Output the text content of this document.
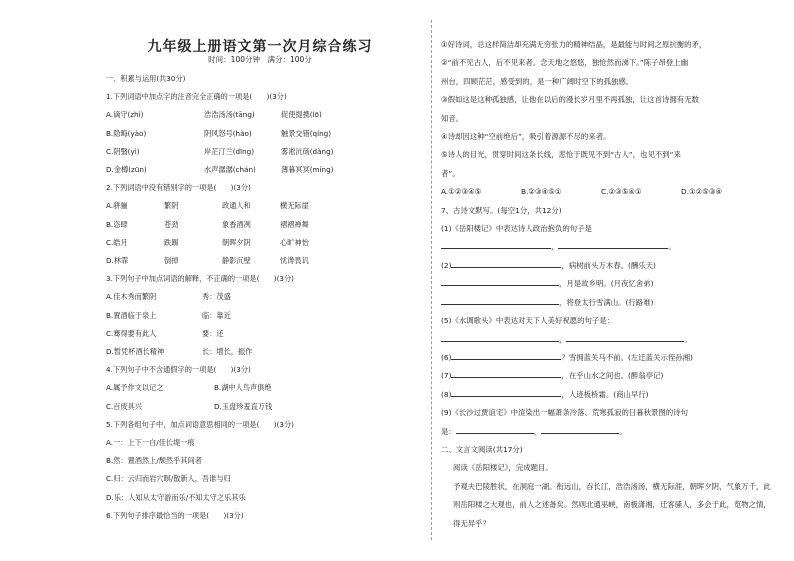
九年级上册语文第一次月综合练习
时间：100分钟　满分：100分
一、积累与运用(共30分)
1.下列词语中加点字的注音完全正确的一项是(　　)(3分)
A.谪守(zhì)	浩浩汤汤(tāng)	促使提携(lō)
B.隐晦(yào)	阴风怒号(hào)	触景交错(qíng)
C.阴翳(yì)	岸芷汀兰(dīng)	雾凇沆砀(dàng)
D.金樽(zūn)	水声潺潺(chán)	薄暮冥冥(míng)
2.下列词语中没有错别字的一项是(　　)(3分)
A.骈骊	繁阴	政通人和	横无际崖
B.恣肆	苍劲	象香酒冽	褶褶禅舞
C.皓月	跌踢	朝晖夕阴	心旷神怡
D.林霏	倒掉	静影沉壁	忧谗畏讥
3.下列句子中加点词语的解释，不正确的一项是(　　)(3分)
A.佳木秀而繁阴	秀：茂盛
B.置酒临于泉上	临：靠近
C.骞得要有此人	要：还
D.暂凭杯酒长精神	长：增长，振作
4.下列句子中不含通假字的一项是(　　)(3分)
A.属予作文以记之	B.湖中人鸟声俱绝
C.百废具兴	D.玉盘珍羞直万钱
5.下列各组句子中，加点词语意思相同的一项是(　　)(3分)
A.一：上下一白/佳长堤一痕
B.然：置酒然上/颓然乎其间者
C.归：云归而岩穴暝/散新人，吾谁与归
D.乐：人知从太守游而乐/不知太守之乐其乐
6.下列句子排序最恰当的一项是(　　)(3分)
①好诗词，总这样简洁却充满无穷张力的精神结晶，是最能与时间之原抗衡的矛，
②“前不见古人，后不见来者。念天地之悠悠，独怆然而涕下。”陈子昂登上幽
州台，四顾茫茫，感受到的，是一种广阔时空下的孤独感。
③假如这是这种孤独感，让他在以后的漫长岁月里不再孤独，让这首诗拥有无数
知音。
④诗却因这种“空前绝后”，吸引着源源不尽的来者。
⑤诗人的目光，贯穿时间这条长线，悲怆于既见不到“古人”，也见不到“来
者”。
A.①②③④⑤	B.②③④⑤①	C.②③⑤④①	D.①②⑤③④
7、古诗文默写。(每空1分，共12分)
(1)《岳阳楼记》中表达诗人政治抱负的句子是
，	。
(2)	，病树前头万木春。(酬乐天)
，月是故乡明。(月夜忆舍弟)
，将登太行雪满山。(行路难)
(5)《水调歌头》中表达对天下人美好祝愿的句子是：
，	。
(6)	？雪拥蓝关马不前。(左迁蓝关示侄孙湘)
(7)	，在乎山水之间也。(醉翁亭记)
(8)	，人迹板桥霜。(商山早行)
(9)《长沙过贾谊宅》中渲染出一幅萧条冷落、荒寒孤寂的日暮秋景图的诗句
是：	，	。
二、文言文阅读(共17分)
阅读《岳阳楼记》，完成题目。
予观夫巴陵胜状，在洞庭一湖。衔远山，吞长江，浩浩汤汤，横无际涯，朝晖夕阴，气象万千，此则岳阳楼之大观也，前人之述备矣。然则北通巫峡，南极潇湘，迁客骚人，多会于此，览物之情，得无异乎？
